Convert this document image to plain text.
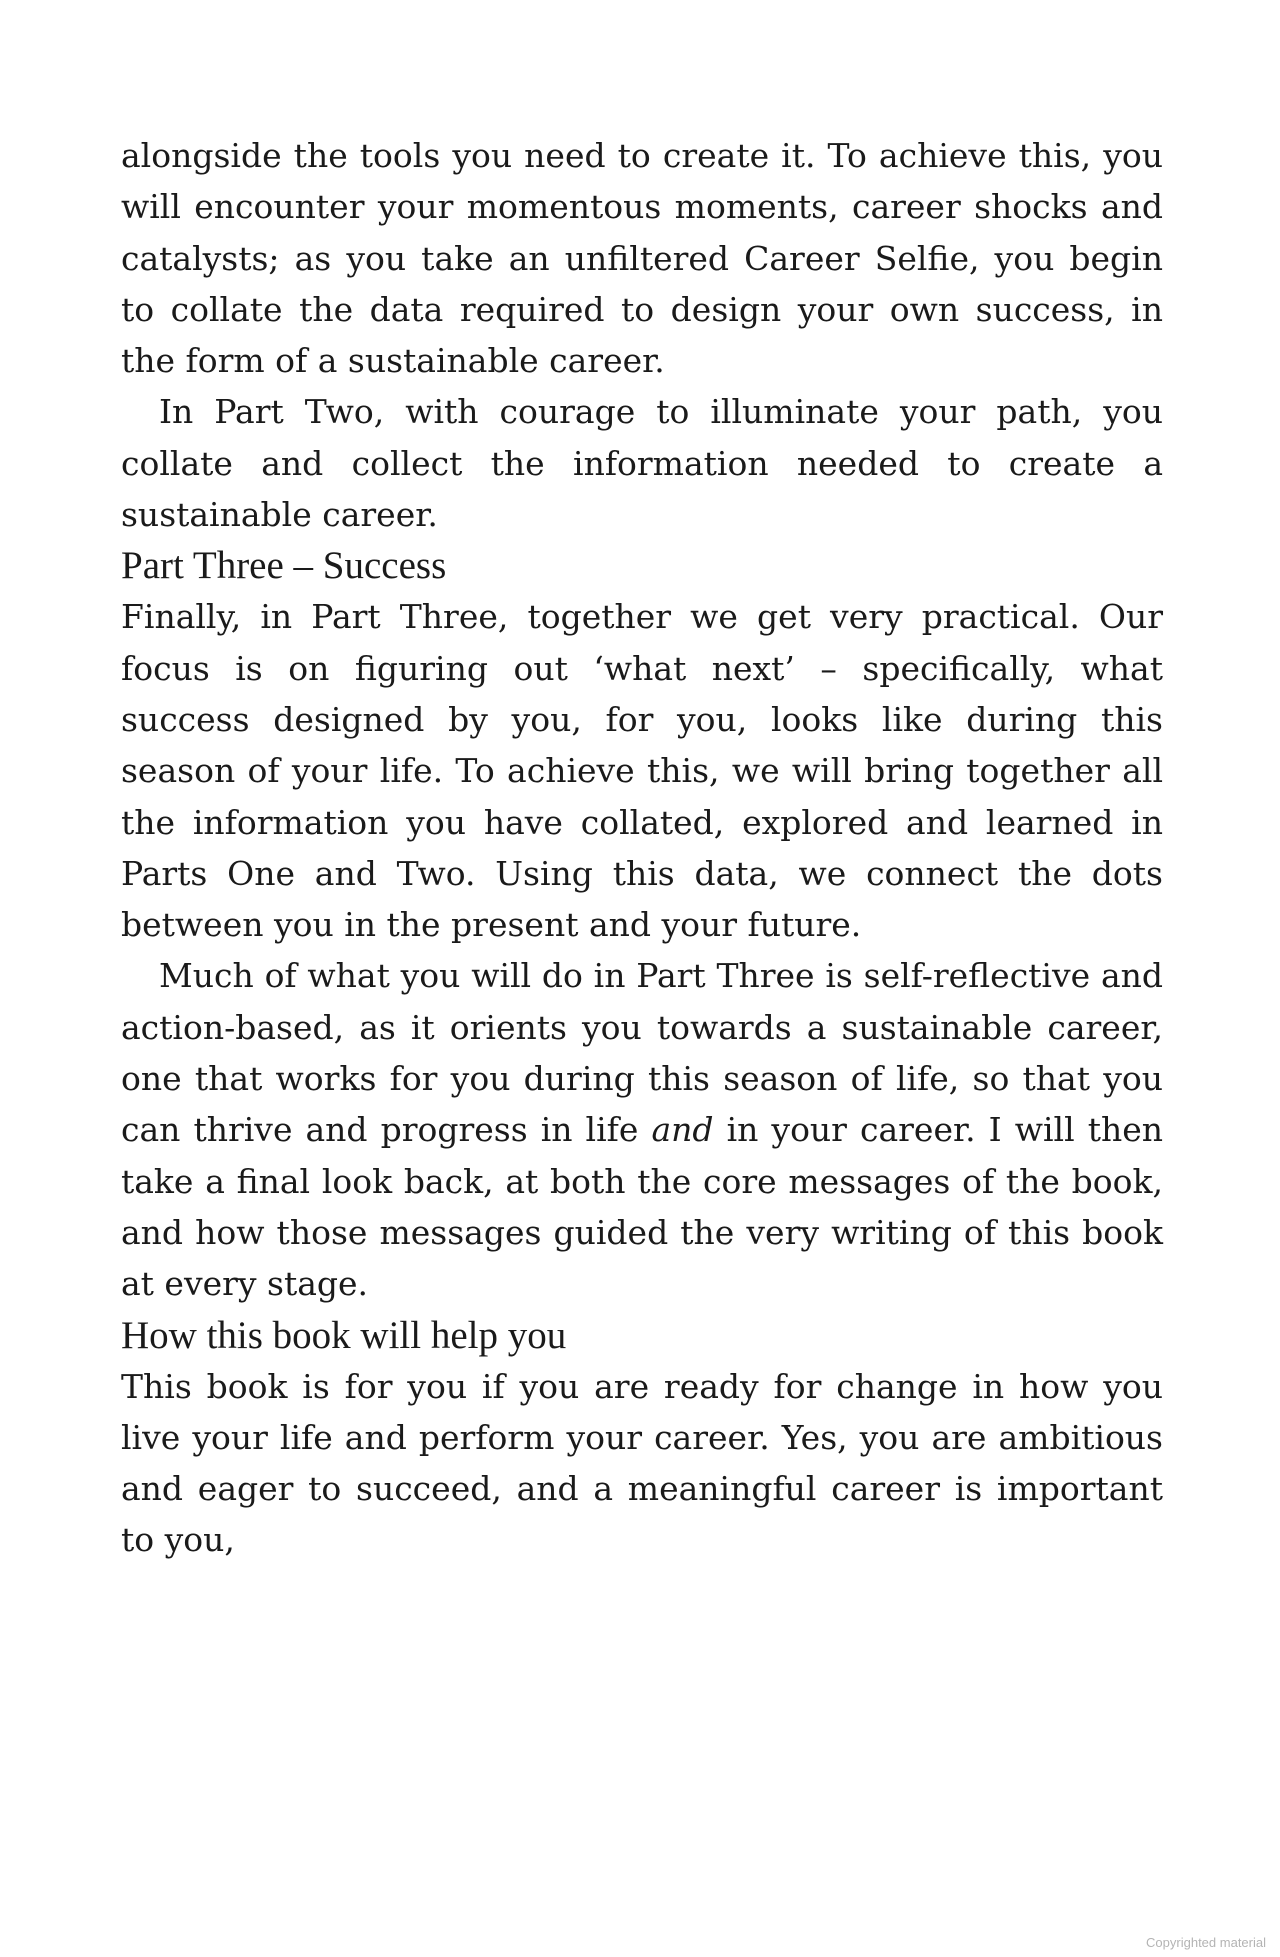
alongside the tools you need to create it. To achieve this, you will encounter your momentous moments, career shocks and catalysts; as you take an unfiltered Career Selfie, you begin to collate the data required to design your own success, in the form of a sustainable career.

In Part Two, with courage to illuminate your path, you collate and collect the information needed to create a sustainable career.

Part Three – Success

Finally, in Part Three, together we get very practical. Our focus is on figuring out ‘what next’ – specifically, what success designed by you, for you, looks like during this season of your life. To achieve this, we will bring together all the information you have collated, explored and learned in Parts One and Two. Using this data, we connect the dots between you in the present and your future.

Much of what you will do in Part Three is self-reflective and action-based, as it orients you towards a sustainable career, one that works for you during this season of life, so that you can thrive and progress in life and in your career. I will then take a final look back, at both the core messages of the book, and how those messages guided the very writing of this book at every stage.

How this book will help you

This book is for you if you are ready for change in how you live your life and perform your career. Yes, you are ambitious and eager to succeed, and a meaningful career is important to you,

Copyrighted material
